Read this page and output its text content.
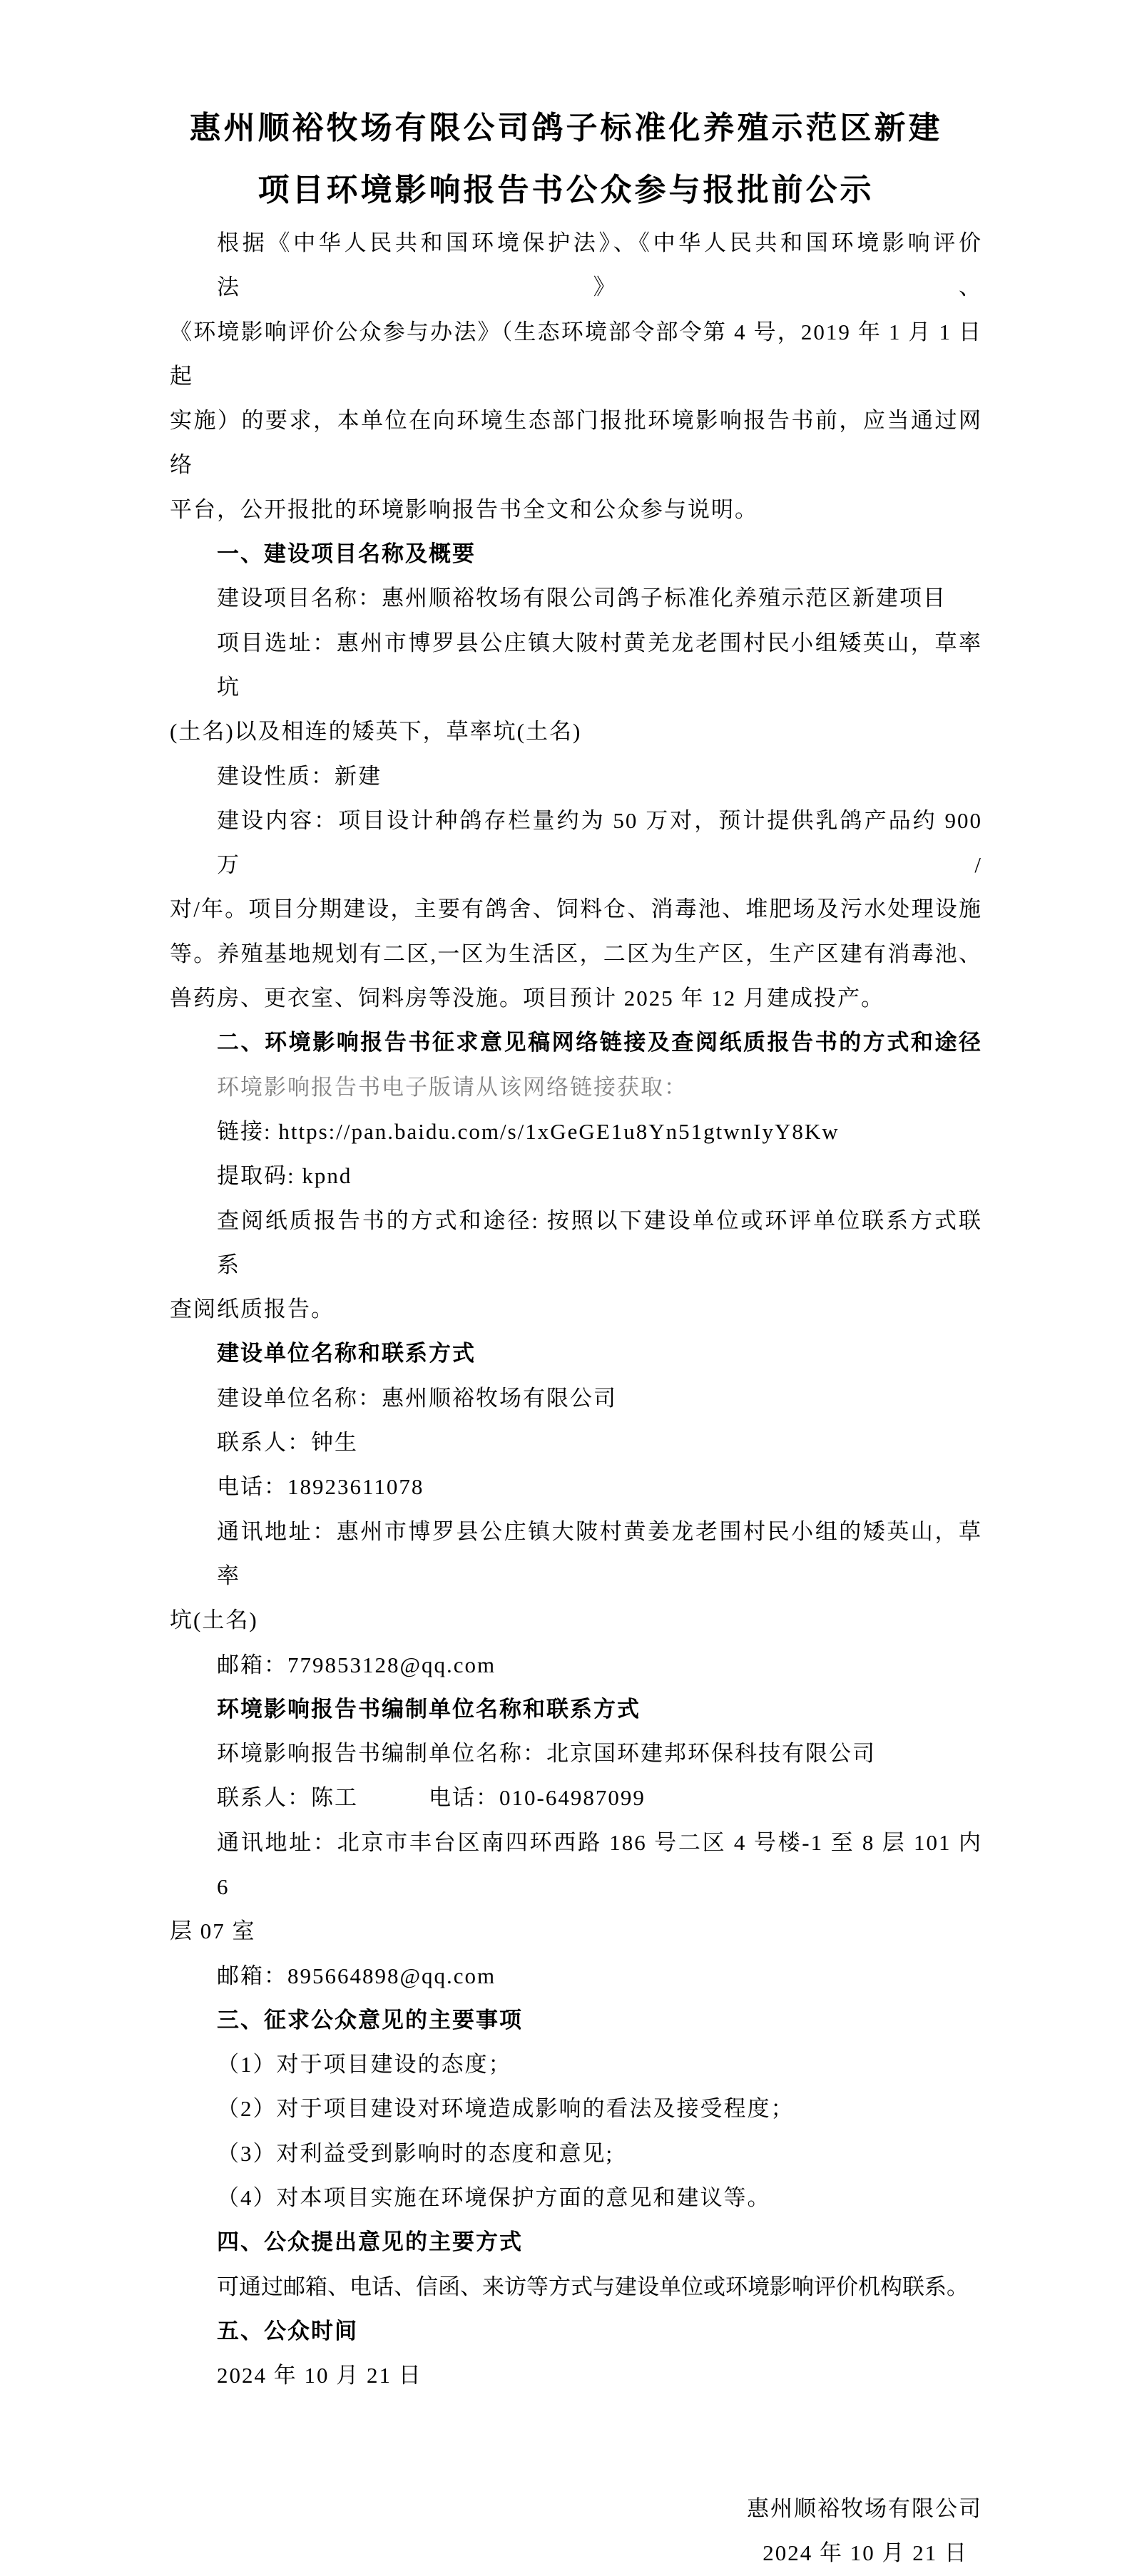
惠州顺裕牧场有限公司鸽子标准化养殖示范区新建
项目环境影响报告书公众参与报批前公示
根据《中华人民共和国环境保护法》、《中华人民共和国环境影响评价法》、
《环境影响评价公众参与办法》（生态环境部令部令第 4 号，2019 年 1 月 1 日起
实施）的要求，本单位在向环境生态部门报批环境影响报告书前，应当通过网络
平台，公开报批的环境影响报告书全文和公众参与说明。
一、建设项目名称及概要
建设项目名称：惠州顺裕牧场有限公司鸽子标准化养殖示范区新建项目
项目选址：惠州市博罗县公庄镇大陂村黄羌龙老围村民小组矮英山，草率坑
(土名)以及相连的矮英下，草率坑(土名)
建设性质：新建
建设内容：项目设计种鸽存栏量约为 50 万对，预计提供乳鸽产品约 900 万/
对/年。项目分期建设，主要有鸽舍、饲料仓、消毒池、堆肥场及污水处理设施
等。养殖基地规划有二区,一区为生活区，二区为生产区，生产区建有消毒池、
兽药房、更衣室、饲料房等没施。项目预计 2025 年 12 月建成投产。
二、环境影响报告书征求意见稿网络链接及查阅纸质报告书的方式和途径
环境影响报告书电子版请从该网络链接获取：
链接: https://pan.baidu.com/s/1xGeGE1u8Yn51gtwnIyY8Kw
提取码: kpnd
查阅纸质报告书的方式和途径: 按照以下建设单位或环评单位联系方式联系
查阅纸质报告。
建设单位名称和联系方式
建设单位名称：惠州顺裕牧场有限公司
联系人：钟生
电话：18923611078
通讯地址：惠州市博罗县公庄镇大陂村黄姜龙老围村民小组的矮英山，草率
坑(土名)
邮箱：779853128@qq.com
环境影响报告书编制单位名称和联系方式
环境影响报告书编制单位名称：北京国环建邦环保科技有限公司
联系人：陈工　　　电话：010-64987099
通讯地址：北京市丰台区南四环西路 186 号二区 4 号楼-1 至 8 层 101 内 6
层 07 室
邮箱：895664898@qq.com
三、征求公众意见的主要事项
（1）对于项目建设的态度；
（2）对于项目建设对环境造成影响的看法及接受程度；
（3）对利益受到影响时的态度和意见;
（4）对本项目实施在环境保护方面的意见和建议等。
四、公众提出意见的主要方式
可通过邮箱、电话、信函、来访等方式与建设单位或环境影响评价机构联系。
五、公众时间
2024 年 10 月 21 日

惠州顺裕牧场有限公司
2024 年 10 月 21 日
